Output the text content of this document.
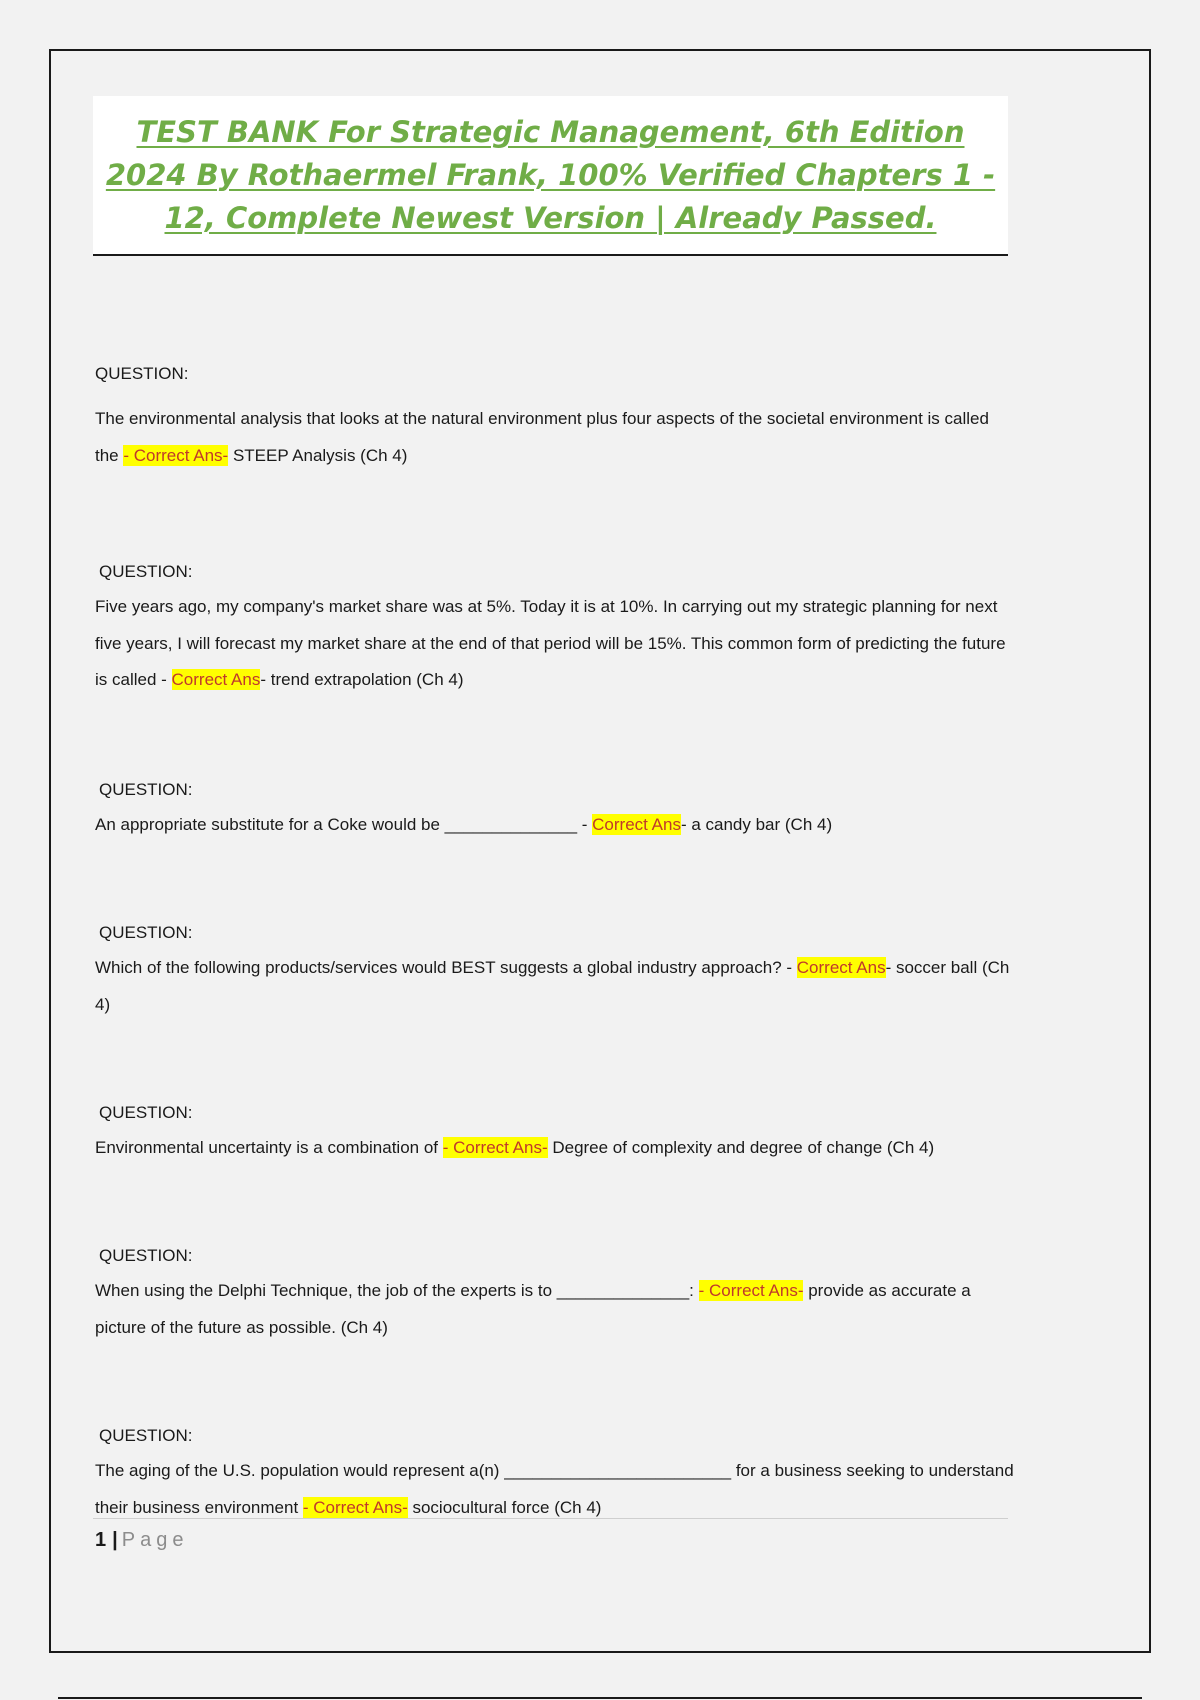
TEST BANK For Strategic Management, 6th Edition 2024 By Rothaermel Frank, 100% Verified Chapters 1 - 12, Complete Newest Version | Already Passed.
QUESTION:
The environmental analysis that looks at the natural environment plus four aspects of the societal environment is called the - Correct Ans- STEEP Analysis (Ch 4)
QUESTION:
Five years ago, my company's market share was at 5%. Today it is at 10%. In carrying out my strategic planning for next five years, I will forecast my market share at the end of that period will be 15%. This common form of predicting the future is called - Correct Ans- trend extrapolation (Ch 4)
QUESTION:
An appropriate substitute for a Coke would be ______________ - Correct Ans- a candy bar (Ch 4)
QUESTION:
Which of the following products/services would BEST suggests a global industry approach? - Correct Ans- soccer ball (Ch 4)
QUESTION:
Environmental uncertainty is a combination of - Correct Ans- Degree of complexity and degree of change (Ch 4)
QUESTION:
When using the Delphi Technique, the job of the experts is to ______________: - Correct Ans- provide as accurate a picture of the future as possible. (Ch 4)
QUESTION:
The aging of the U.S. population would represent a(n) ________________________ for a business seeking to understand their business environment - Correct Ans- sociocultural force (Ch 4)
1 | Page
